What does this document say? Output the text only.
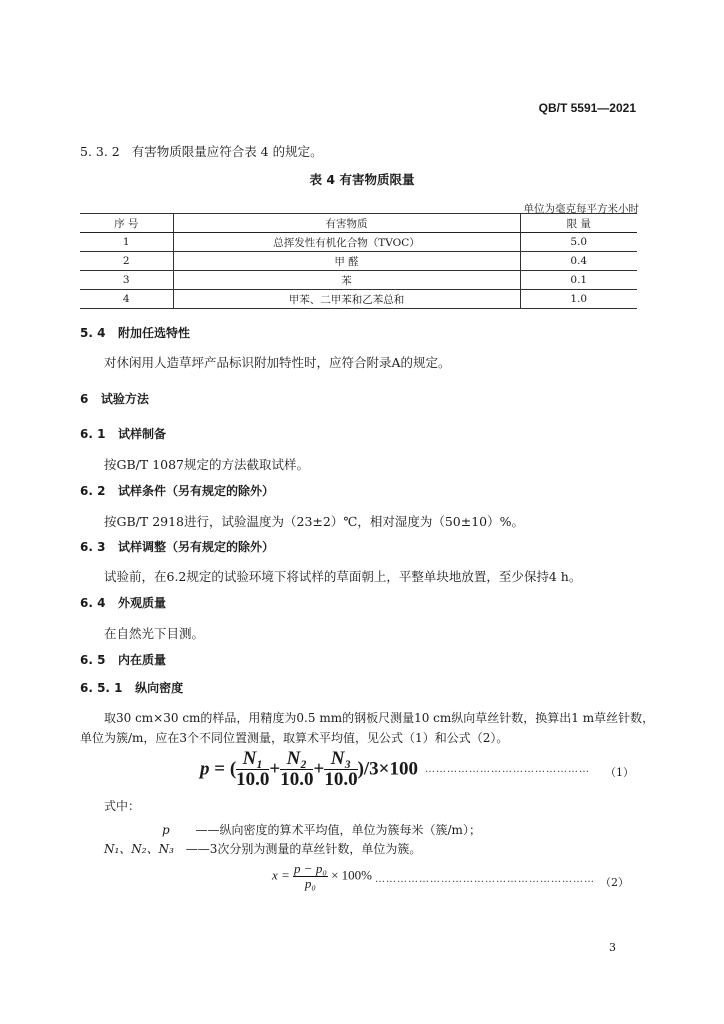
QB/T 5591—2021
5. 3. 2 有害物质限量应符合表 4 的规定。
表 4 有害物质限量
单位为毫克每平方米小时
序 号	有害物质	限 量
1	总挥发性有机化合物（TVOC）	5.0
2	甲 醛	0.4
3	苯	0.1
4	甲苯、二甲苯和乙苯总和	1.0
5. 4 附加任选特性
对休闲用人造草坪产品标识附加特性时，应符合附录A的规定。
6 试验方法
6. 1 试样制备
按GB/T 1087规定的方法截取试样。
6. 2 试样条件（另有规定的除外）
按GB/T 2918进行，试验温度为（23±2）℃，相对湿度为（50±10）%。
6. 3 试样调整（另有规定的除外）
试验前，在6.2规定的试验环境下将试样的草面朝上，平整单块地放置，至少保持4 h。
6. 4 外观质量
在自然光下目测。
6. 5 内在质量
6. 5. 1 纵向密度
取30 cm×30 cm的样品，用精度为0.5 mm的钢板尺测量10 cm纵向草丝针数，换算出1 m草丝针数，
单位为簇/m，应在3个不同位置测量，取算术平均值，见公式（1）和公式（2）。
p = ( $\frac{\text{N₁}}{10.0} + \frac{\text{N₂}}{10.0} + \frac{\text{N₃}}{10.0} )/3\times 100$ ……………………………………… （1）
式中：
p ——纵向密度的算术平均值，单位为簇每米（簇/m）；
N₁、N₂、N₃ ——3次分别为测量的草丝针数，单位为簇。
$x = \frac{\text{p − p₀}}{\text{p₀}} \times 100\%$ …………………………………………………… （2）
3
